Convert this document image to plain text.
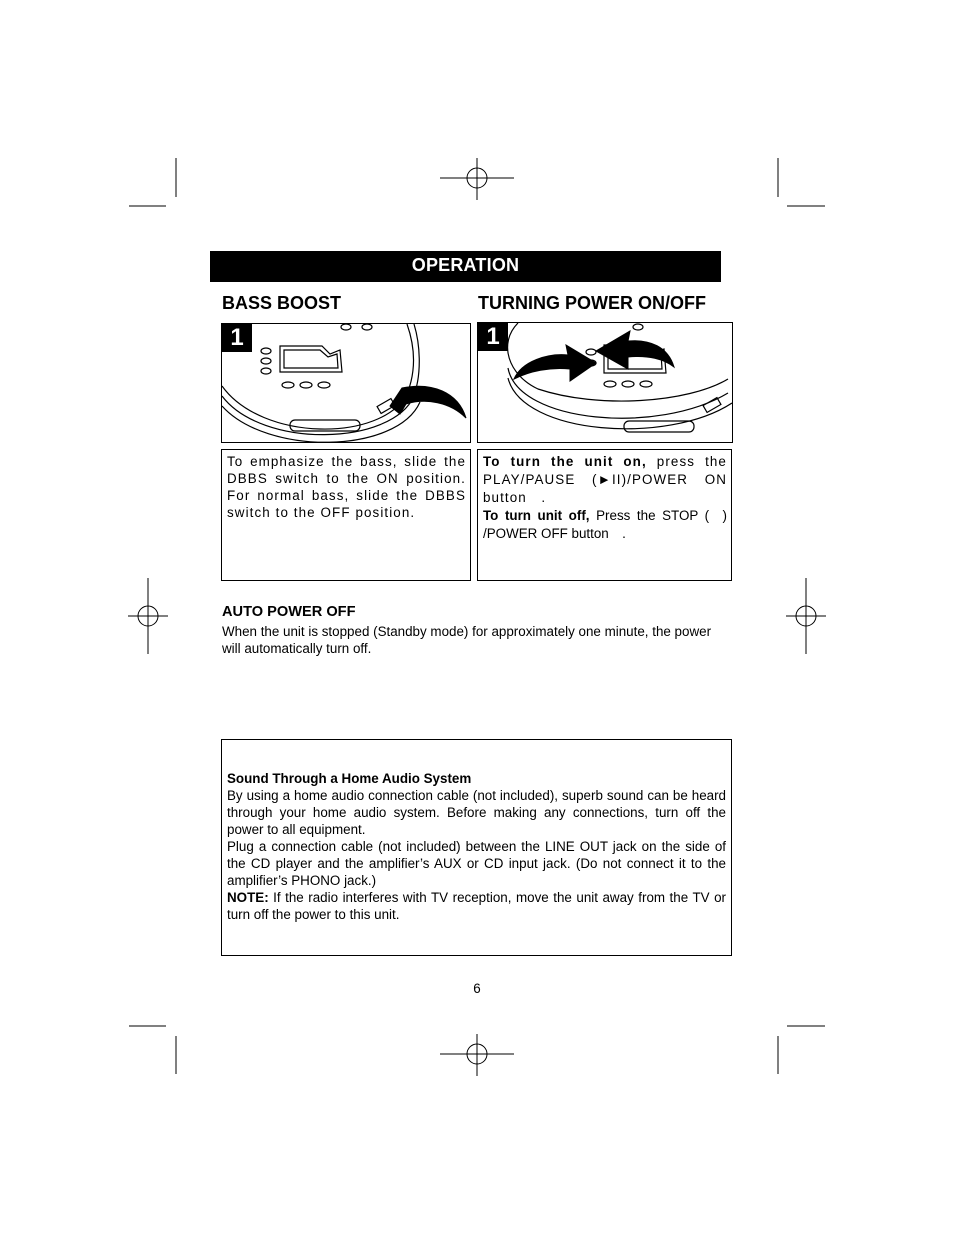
OPERATION
BASS BOOST
1

To emphasize the bass, slide the DBBS switch to the ON position. For normal bass, slide the DBBS switch to the OFF position.

TURNING POWER ON/OFF
1

To turn the unit on, press the PLAY/PAUSE (►II)/POWER ON button  .

To turn unit off, Press the STOP (  ) /POWER OFF button  .

AUTO POWER OFF
When the unit is stopped (Standby mode) for approximately one minute, the power will automatically turn off.

Sound Through a Home Audio System

By using a home audio connection cable (not included), superb sound can be heard through your home audio system. Before making any connections, turn off the power to all equipment.

Plug a connection cable (not included) between the LINE OUT jack on the side of the CD player and the amplifier’s AUX or CD input jack. (Do not connect it to the amplifier’s PHONO jack.)

NOTE: If the radio interferes with TV reception, move the unit away from the TV or turn off the power to this unit.

6
